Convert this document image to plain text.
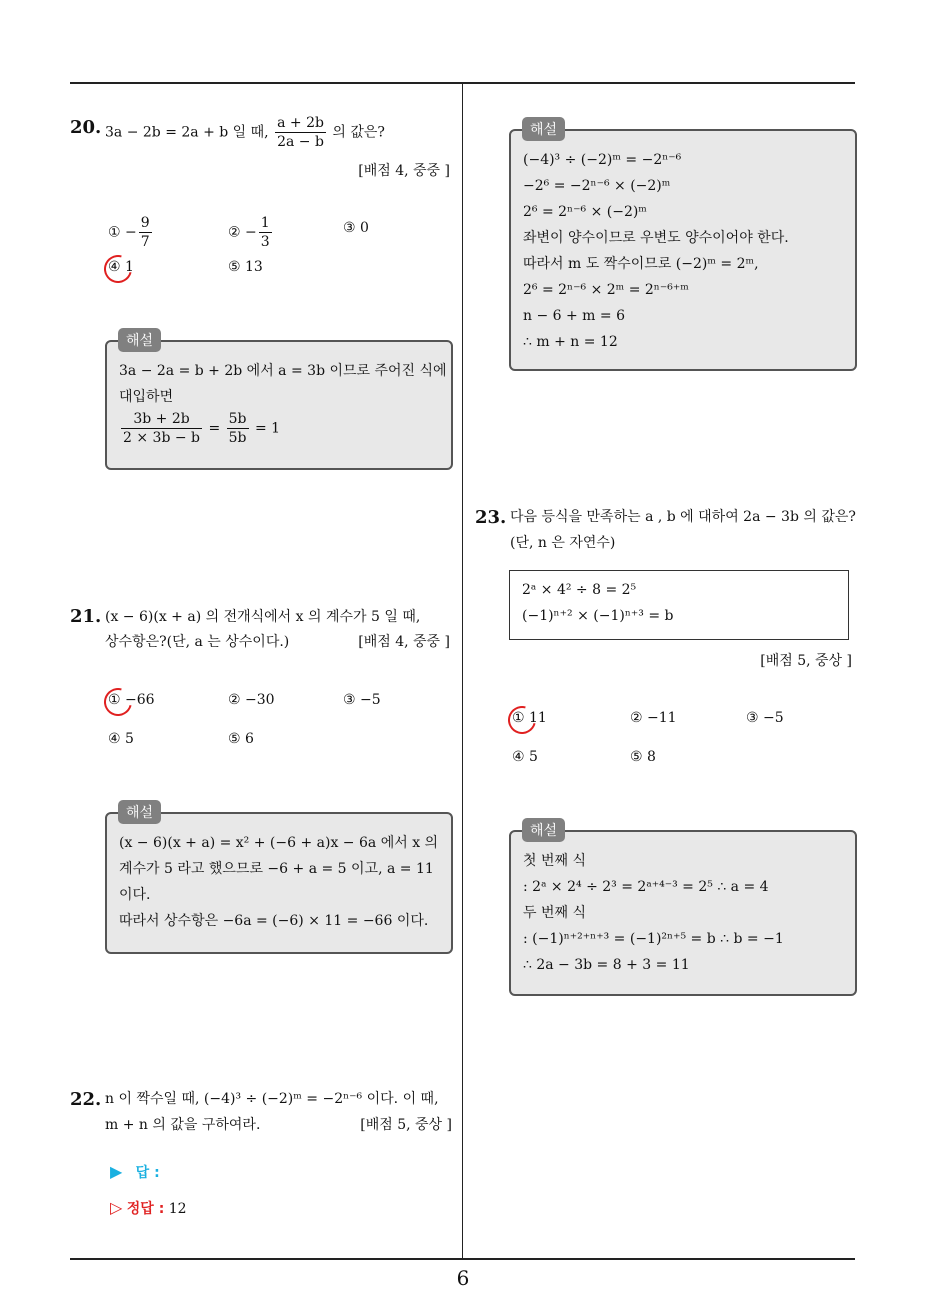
6
20. 3a − 2b = 2a + b 일 때, $\frac{a + 2b}{2a - b}$ 의 값은?
[배점 4, 중중 ]
① − $\frac{9}{7}$	② − $\frac{1}{3}$	③ 0
④ 1	⑤ 13
3a − 2a = b + 2b 에서 a = 3b 이므로 주어진 식에
대입하면
$\frac{3b + 2b}{2 \times 3b - b} = \frac{5b}{5b} = 1$
해설
21. (x − 6)(x + a) 의 전개식에서 x 의 계수가 5 일 때,
상수항은?(단, a 는 상수이다.)	[배점 4, 중중 ]
① −66	② −30	③ −5
④ 5	⑤ 6
(x − 6)(x + a) = x² + (−6 + a)x − 6a 에서 x 의
계수가 5 라고 했으므로 −6 + a = 5 이고, a = 11
이다.
따라서 상수항은 −6a = (−6) × 11 = −66 이다.
해설
22. n 이 짝수일 때, (−4)³ ÷ (−2)ᵐ = −2ⁿ⁻⁶ 이다. 이 때,
m + n 의 값을 구하여라.	[배점 5, 중상 ]
▶ 답 :
▷ 정답 : 12
(−4)³ ÷ (−2)ᵐ = −2ⁿ⁻⁶
−2⁶ = −2ⁿ⁻⁶ × (−2)ᵐ
2⁶ = 2ⁿ⁻⁶ × (−2)ᵐ
좌변이 양수이므로 우변도 양수이어야 한다.
따라서 m 도 짝수이므로 (−2)ᵐ = 2ᵐ,
2⁶ = 2ⁿ⁻⁶ × 2ᵐ = 2ⁿ⁻⁶⁺ᵐ
n − 6 + m = 6
∴ m + n = 12
해설
23. 다음 등식을 만족하는 a , b 에 대하여 2a − 3b 의 값은?
(단, n 은 자연수)
2ᵃ × 4² ÷ 8 = 2⁵
(−1)ⁿ⁺² × (−1)ⁿ⁺³ = b
[배점 5, 중상 ]
① 11	② −11	③ −5
④ 5	⑤ 8
첫 번째 식
: 2ᵃ × 2⁴ ÷ 2³ = 2ᵃ⁺⁴⁻³ = 2⁵ ∴ a = 4
두 번째 식
: (−1)ⁿ⁺²⁺ⁿ⁺³ = (−1)²ⁿ⁺⁵ = b ∴ b = −1
∴ 2a − 3b = 8 + 3 = 11
해설
